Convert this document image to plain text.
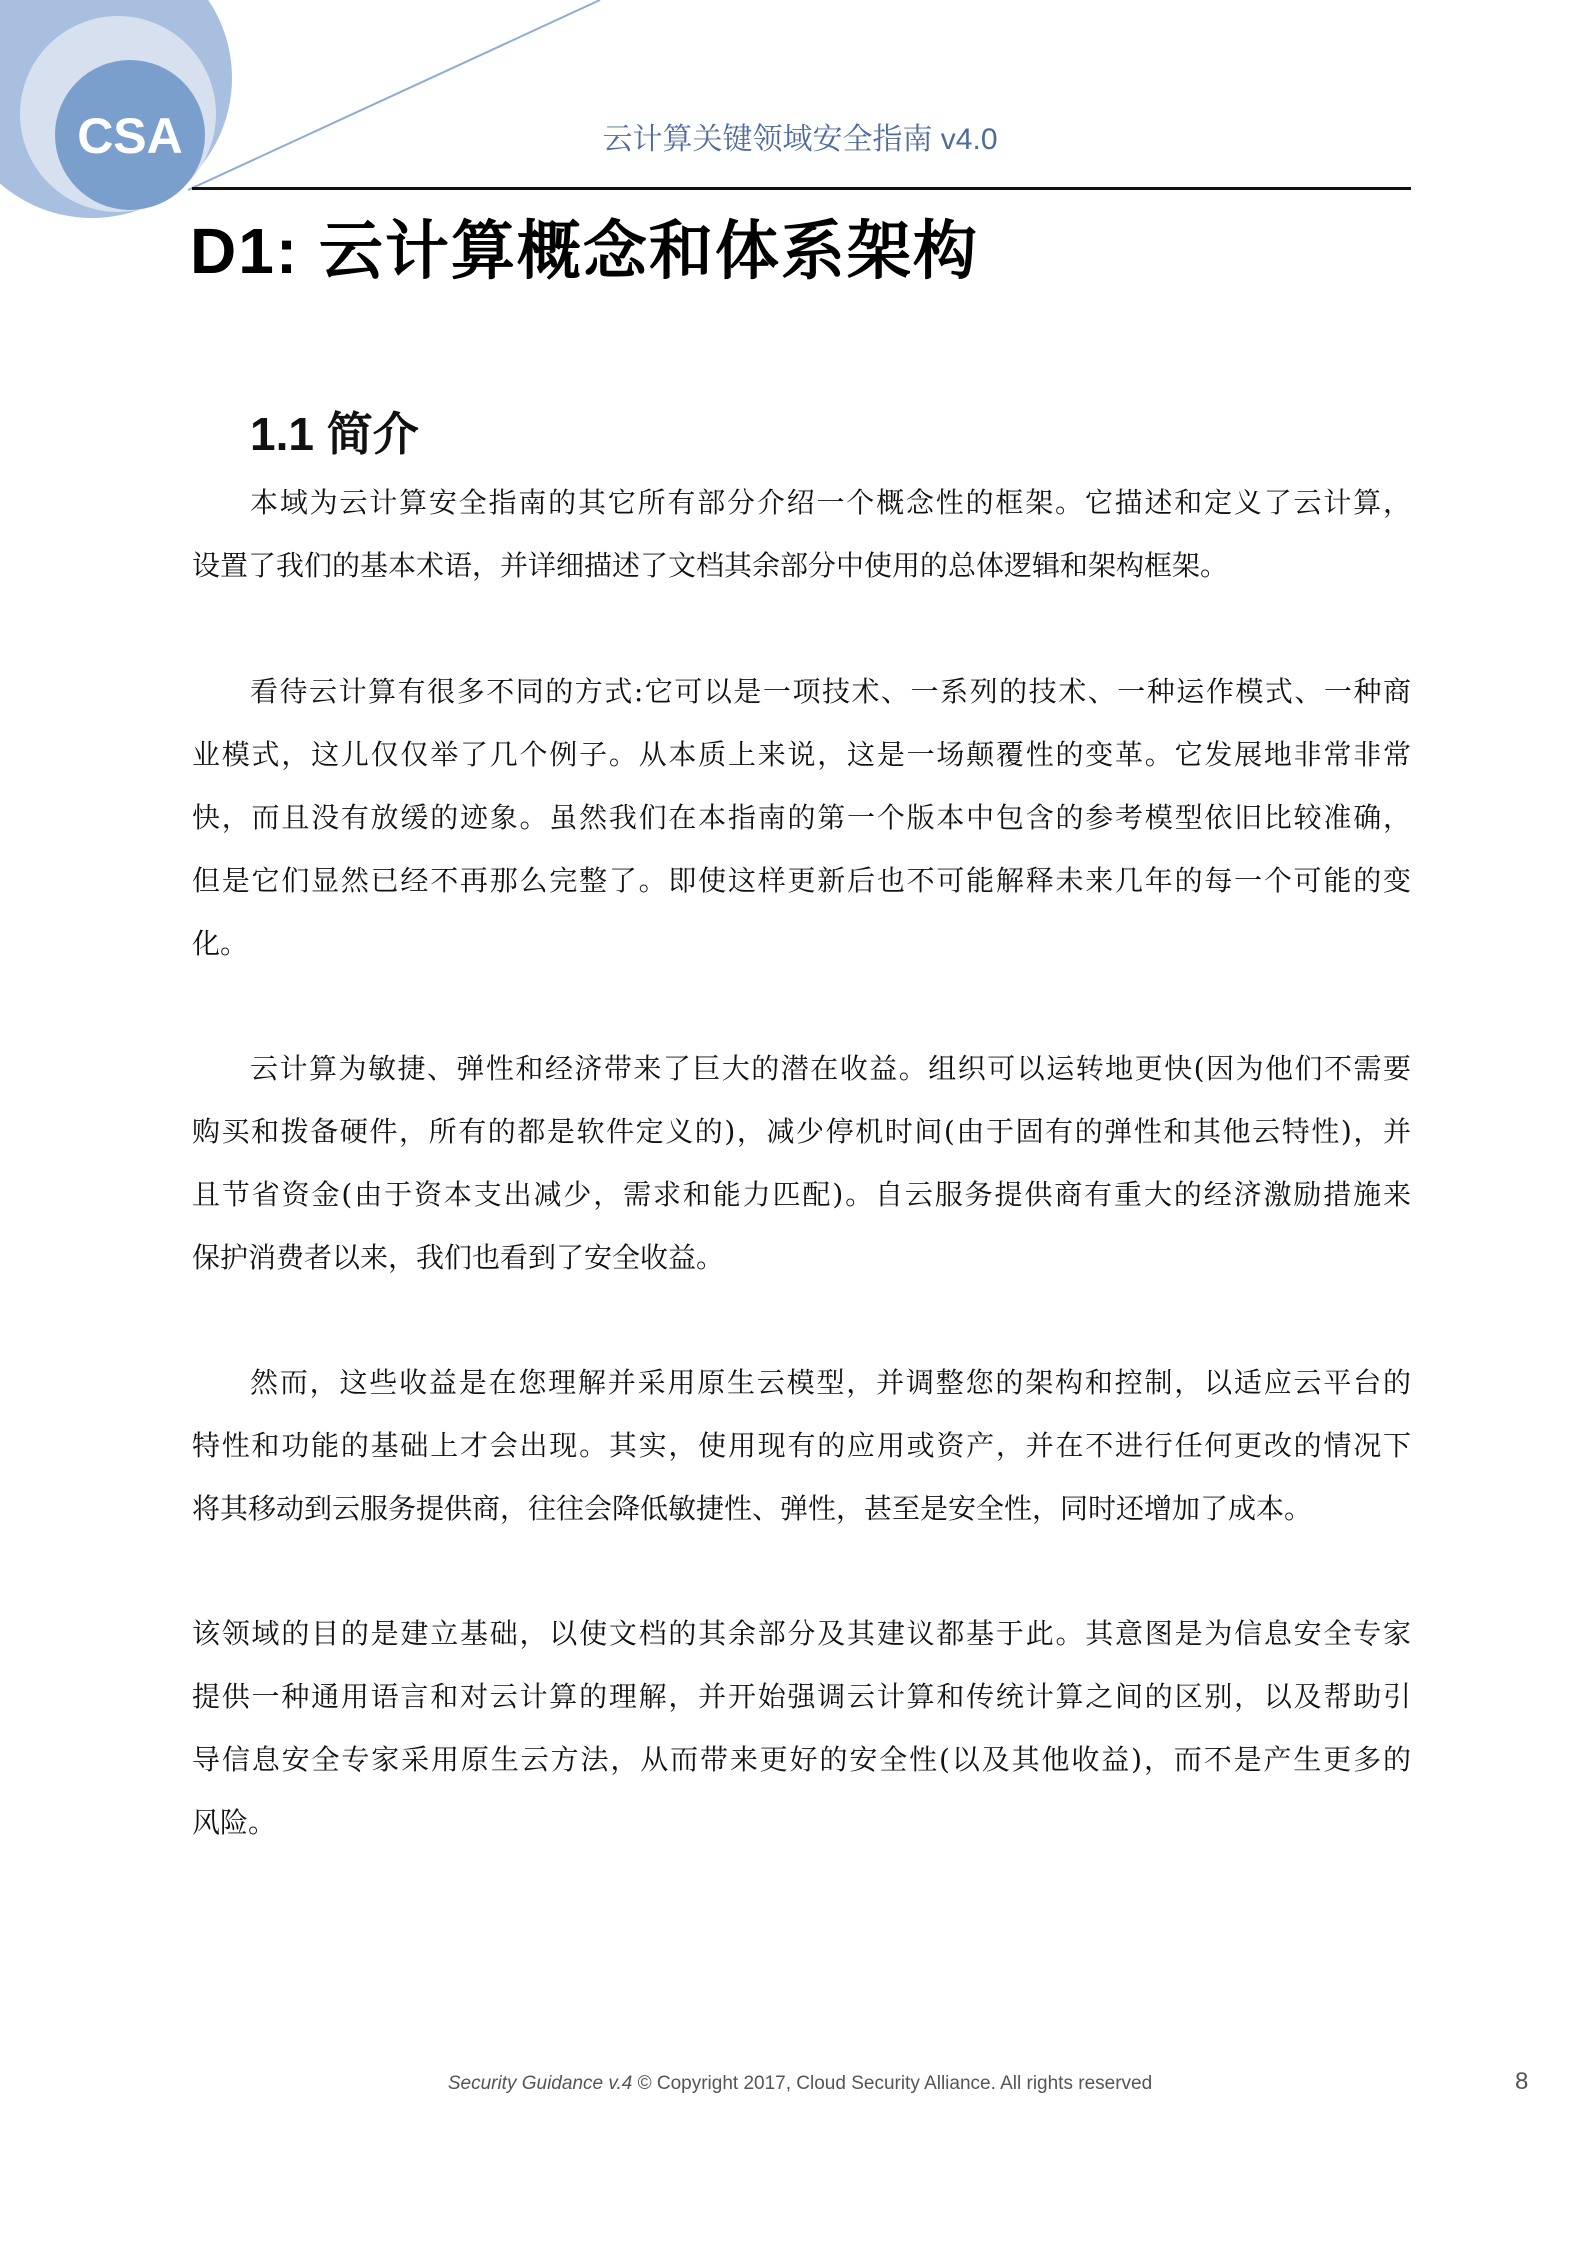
CSA	云计算关键领域安全指南 v4.0
D1: 云计算概念和体系架构
1.1 简介
本域为云计算安全指南的其它所有部分介绍一个概念性的框架。它描述和定义了云计算，
设置了我们的基本术语，并详细描述了文档其余部分中使用的总体逻辑和架构框架。
看待云计算有很多不同的方式:它可以是一项技术、一系列的技术、一种运作模式、一种商
业模式，这儿仅仅举了几个例子。从本质上来说，这是一场颠覆性的变革。它发展地非常非常
快，而且没有放缓的迹象。虽然我们在本指南的第一个版本中包含的参考模型依旧比较准确，
但是它们显然已经不再那么完整了。即使这样更新后也不可能解释未来几年的每一个可能的变
化。
云计算为敏捷、弹性和经济带来了巨大的潜在收益。组织可以运转地更快(因为他们不需要
购买和拨备硬件，所有的都是软件定义的)，减少停机时间(由于固有的弹性和其他云特性)，并
且节省资金(由于资本支出减少，需求和能力匹配)。自云服务提供商有重大的经济激励措施来
保护消费者以来，我们也看到了安全收益。
然而，这些收益是在您理解并采用原生云模型，并调整您的架构和控制，以适应云平台的
特性和功能的基础上才会出现。其实，使用现有的应用或资产，并在不进行任何更改的情况下
将其移动到云服务提供商，往往会降低敏捷性、弹性，甚至是安全性，同时还增加了成本。
该领域的目的是建立基础，以使文档的其余部分及其建议都基于此。其意图是为信息安全专家
提供一种通用语言和对云计算的理解，并开始强调云计算和传统计算之间的区别，以及帮助引
导信息安全专家采用原生云方法，从而带来更好的安全性(以及其他收益)，而不是产生更多的
风险。
Security Guidance v.4 © Copyright 2017, Cloud Security Alliance. All rights reserved	8
